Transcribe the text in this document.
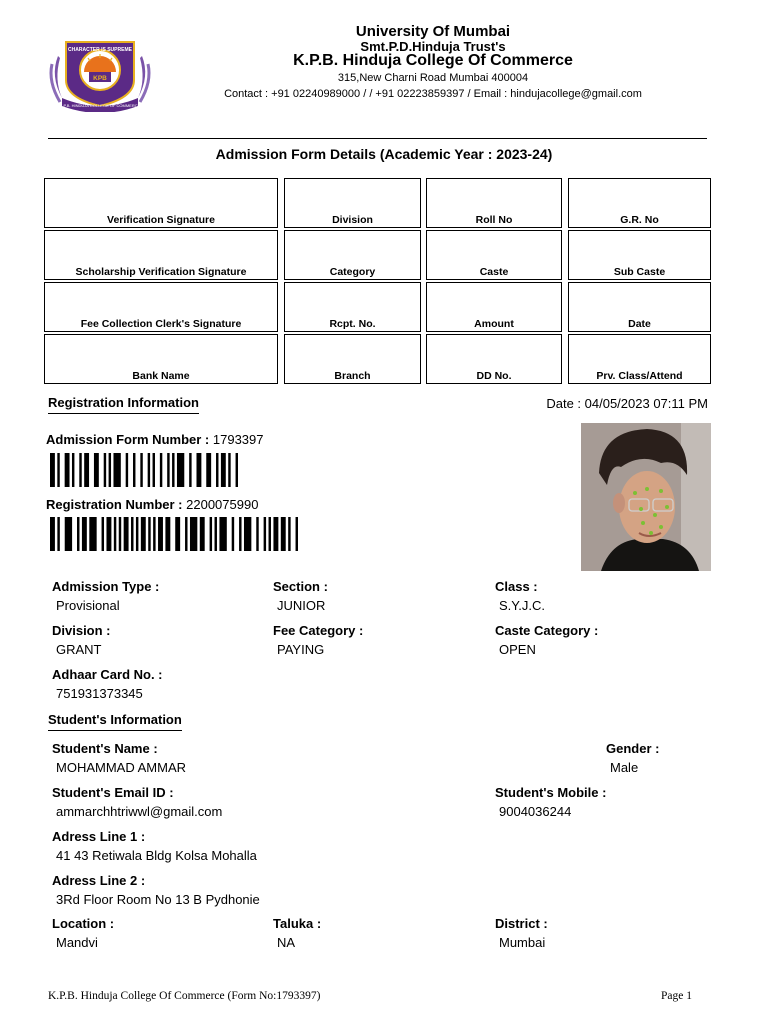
CHARACTER IS SUPREME
KPB
K.P.B. HINDUJA COLLEGE OF COMMERCE
University Of Mumbai
Smt.P.D.Hinduja Trust's
K.P.B. Hinduja College Of Commerce
315,New Charni Road Mumbai 400004
Contact : +91 02240989000 / / +91 02223859397 / Email : hindujacollege@gmail.com
Admission Form Details (Academic Year : 2023-24)
Verification Signature	Division	Roll No	G.R. No
Scholarship Verification Signature	Category	Caste	Sub Caste
Fee Collection Clerk's Signature	Rcpt. No.	Amount	Date
Bank Name	Branch	DD No.	Prv. Class/Attend
Registration Information	Date : 04/05/2023 07:11 PM
Admission Form Number : 1793397
Registration Number : 2200075990
Admission Type :
Provisional
Section :
JUNIOR
Class :
S.Y.J.C.
Division :
GRANT
Fee Category :
PAYING
Caste Category :
OPEN
Adhaar Card No. :
751931373345
Student's Information
Student's Name :
MOHAMMAD AMMAR
Gender :
Male
Student's Email ID :
ammarchhtriwwl@gmail.com
Student's Mobile :
9004036244
Adress Line 1 :
41 43 Retiwala Bldg Kolsa Mohalla
Adress Line 2 :
3Rd Floor Room No 13 B Pydhonie
Location :
Mandvi
Taluka :
NA
District :
Mumbai
K.P.B. Hinduja College Of Commerce (Form No:1793397)	Page 1
